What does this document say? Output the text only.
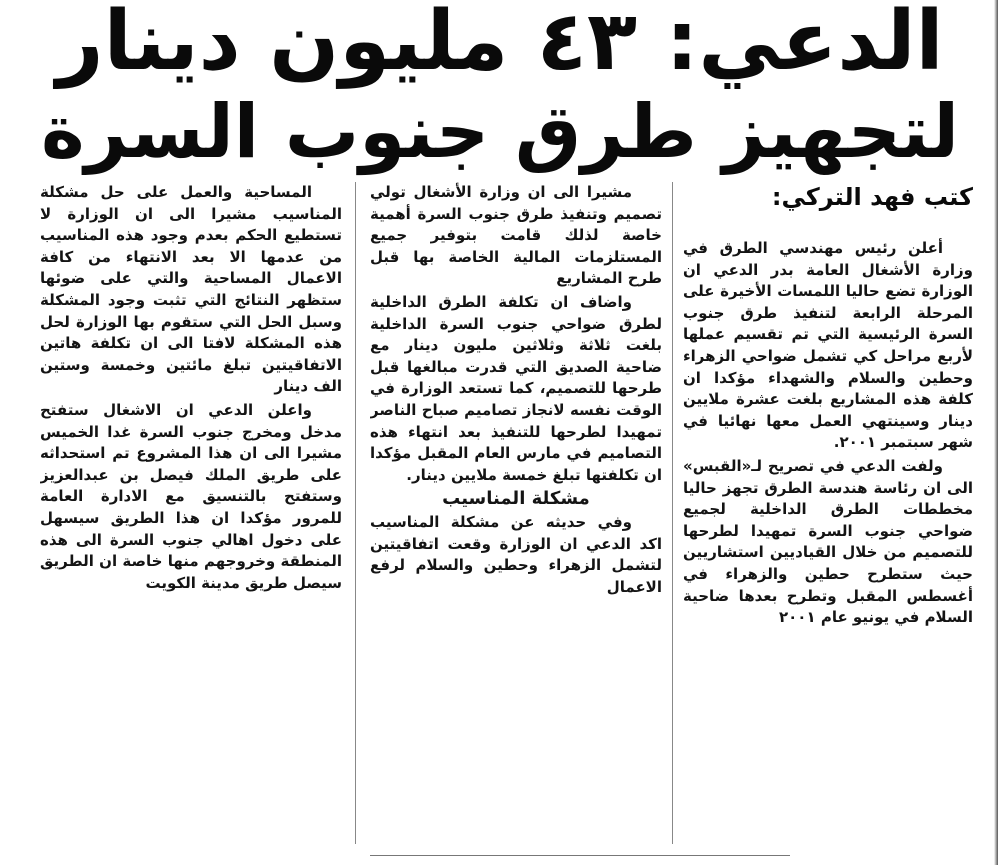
الدعي: ٤٣ مليون دينار
لتجهيز طرق جنوب السرة
كتب فهد التركي:

أعلن رئيس مهندسي الطرق في وزارة الأشغال العامة بدر الدعي ان الوزارة تضع حاليا اللمسات الأخيرة على المرحلة الرابعة لتنفيذ طرق جنوب السرة الرئيسية التي تم تقسيم عملها لأربع مراحل كي تشمل ضواحي الزهراء وحطين والسلام والشهداء مؤكدا ان كلفة هذه المشاريع بلغت عشرة ملايين دينار وسينتهي العمل معها نهائيا في شهر سبتمبر ٢٠٠١.

ولفت الدعي في تصريح لـ«القبس» الى ان رئاسة هندسة الطرق تجهز حاليا مخططات الطرق الداخلية لجميع ضواحي جنوب السرة تمهيدا لطرحها للتصميم من خلال القياديين استشاريين حيث ستطرح حطين والزهراء في أغسطس المقبل وتطرح بعدها ضاحية السلام في يونيو عام ٢٠٠١

مشيرا الى ان وزارة الأشغال تولي تصميم وتنفيذ طرق جنوب السرة أهمية خاصة لذلك قامت بتوفير جميع المستلزمات المالية الخاصة بها قبل طرح المشاريع

واضاف ان تكلفة الطرق الداخلية لطرق ضواحي جنوب السرة الداخلية بلغت ثلاثة وثلاثين مليون دينار مع ضاحية الصديق التي قدرت مبالغها قبل طرحها للتصميم، كما تستعد الوزارة في الوقت نفسه لانجاز تصاميم صباح الناصر تمهيدا لطرحها للتنفيذ بعد انتهاء هذه التصاميم في مارس العام المقبل مؤكدا ان تكلفتها تبلغ خمسة ملايين دينار.

مشكلة المناسيب

وفي حديثه عن مشكلة المناسيب اكد الدعي ان الوزارة وقعت اتفاقيتين لتشمل الزهراء وحطين والسلام لرفع الاعمال

المساحية والعمل على حل مشكلة المناسيب مشيرا الى ان الوزارة لا تستطيع الحكم بعدم وجود هذه المناسيب من عدمها الا بعد الانتهاء من كافة الاعمال المساحية والتي على ضوئها ستظهر النتائج التي تثبت وجود المشكلة وسبل الحل التي ستقوم بها الوزارة لحل هذه المشكلة لافتا الى ان تكلفة هاتين الاتفاقيتين تبلغ مائتين وخمسة وستين الف دينار

واعلن الدعي ان الاشغال ستفتح مدخل ومخرج جنوب السرة غدا الخميس مشيرا الى ان هذا المشروع تم استحداثه على طريق الملك فيصل بن عبدالعزيز وستفتح بالتنسيق مع الادارة العامة للمرور مؤكدا ان هذا الطريق سيسهل على دخول اهالي جنوب السرة الى هذه المنطقة وخروجهم منها خاصة ان الطريق سيصل طريق مدينة الكويت
